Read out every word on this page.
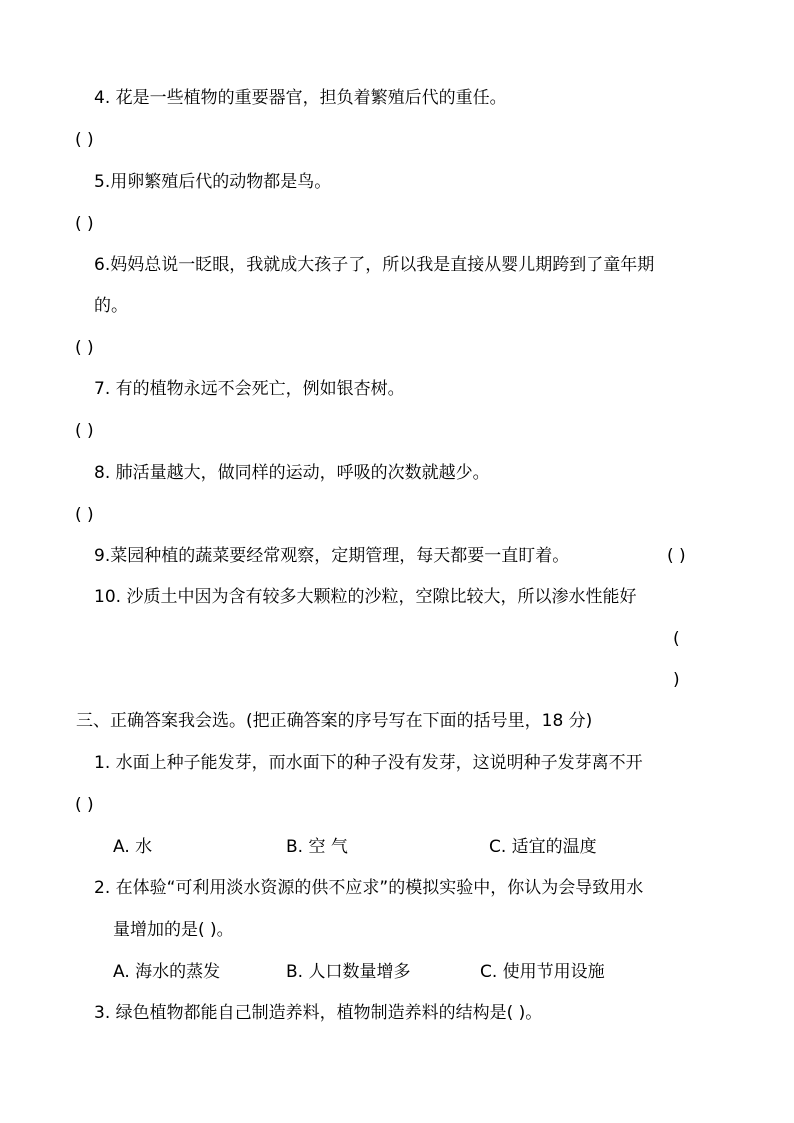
4. 花是一些植物的重要器官，担负着繁殖后代的重任。
( )
5.用卵繁殖后代的动物都是鸟。
( )
6.妈妈总说一眨眼，我就成大孩子了，所以我是直接从婴儿期跨到了童年期
的。
( )
7. 有的植物永远不会死亡，例如银杏树。
( )
8. 肺活量越大，做同样的运动，呼吸的次数就越少。
( )
9.菜园种植的蔬菜要经常观察，定期管理，每天都要一直盯着。	( )
10. 沙质土中因为含有较多大颗粒的沙粒，空隙比较大，所以渗水性能好
(
)
三、正确答案我会选。(把正确答案的序号写在下面的括号里，18 分)
1. 水面上种子能发芽，而水面下的种子没有发芽，这说明种子发芽离不开
( )
A. 水	B. 空 气	C. 适宜的温度
2. 在体验“可利用淡水资源的供不应求”的模拟实验中，你认为会导致用水
量增加的是( )。
A. 海水的蒸发	B. 人口数量增多	C. 使用节用设施
3. 绿色植物都能自己制造养料，植物制造养料的结构是( )。
